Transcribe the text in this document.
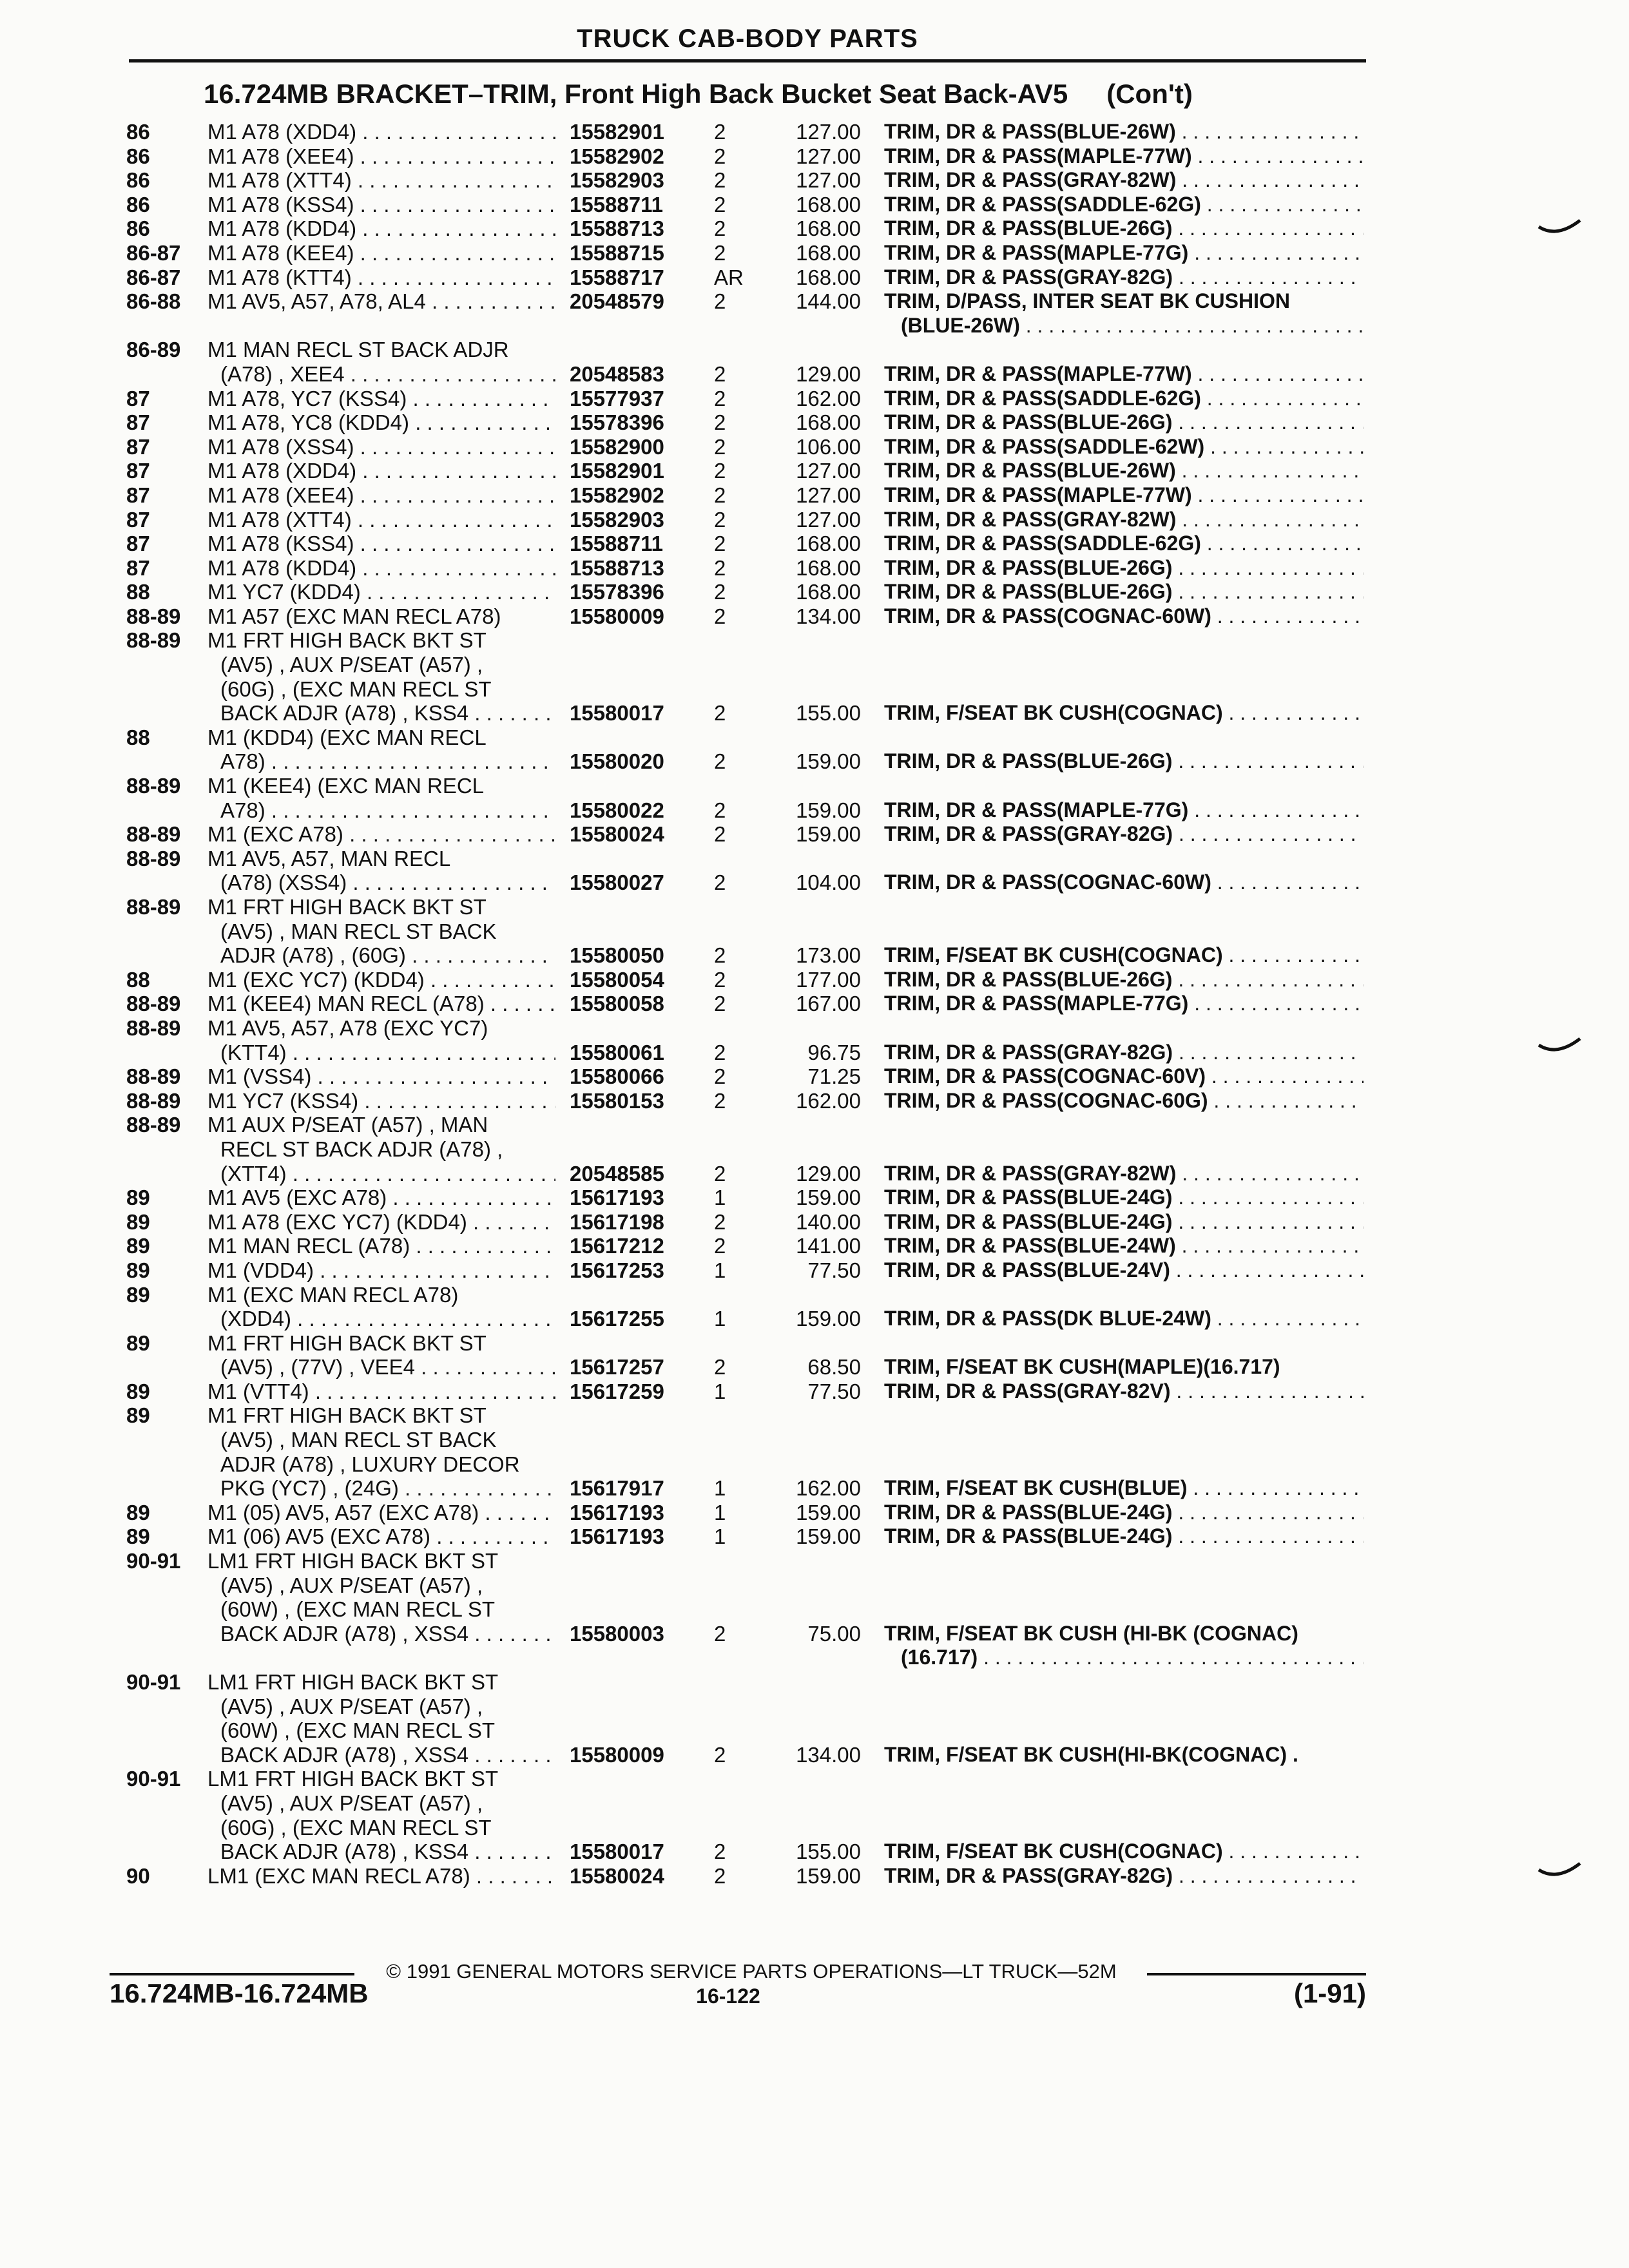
TRUCK CAB-BODY PARTS
16.724MB BRACKET–TRIM, Front High Back Bucket Seat Back-AV5 (Con't)
86	M1 A78 (XDD4) . . .	15582901 2	127.00 TRIM, DR & PASS(BLUE-26W) . . .
86	M1 A78 (XEE4) . . .	15582902 2	127.00 TRIM, DR & PASS(MAPLE-77W) . . .
86	M1 A78 (XTT4) . . .	15582903 2	127.00 TRIM, DR & PASS(GRAY-82W) . . .
86	M1 A78 (KSS4) . . .	15588711 2	168.00 TRIM, DR & PASS(SADDLE-62G) . . .
86	M1 A78 (KDD4) . . .	15588713 2	168.00 TRIM, DR & PASS(BLUE-26G) . . .
86-87 M1 A78 (KEE4) . . .	15588715 2	168.00 TRIM, DR & PASS(MAPLE-77G) . . .
86-87 M1 A78 (KTT4) . . .	15588717 AR	168.00 TRIM, DR & PASS(GRAY-82G) . . .
86-88 M1 AV5, A57, A78, AL4 . . .	20548579 2	144.00 TRIM, D/PASS, INTER SEAT BK CUSHION
(BLUE-26W) . . .
86-89 M1 MAN RECL ST BACK ADJR
(A78) , XEE4 . . .	20548583 2	129.00 TRIM, DR & PASS(MAPLE-77W) . . .
87	M1 A78, YC7 (KSS4) . . .	15577937 2	162.00 TRIM, DR & PASS(SADDLE-62G) . . .
87	M1 A78, YC8 (KDD4) . . .	15578396 2	168.00 TRIM, DR & PASS(BLUE-26G) . . .
87	M1 A78 (XSS4) . . .	15582900 2	106.00 TRIM, DR & PASS(SADDLE-62W) . . .
87	M1 A78 (XDD4) . . .	15582901 2	127.00 TRIM, DR & PASS(BLUE-26W) . . .
87	M1 A78 (XEE4) . . .	15582902 2	127.00 TRIM, DR & PASS(MAPLE-77W) . . .
87	M1 A78 (XTT4) . . .	15582903 2	127.00 TRIM, DR & PASS(GRAY-82W) . . .
87	M1 A78 (KSS4) . . .	15588711 2	168.00 TRIM, DR & PASS(SADDLE-62G) . . .
87	M1 A78 (KDD4) . . .	15588713 2	168.00 TRIM, DR & PASS(BLUE-26G) . . .
88	M1 YC7 (KDD4) . . .	15578396 2	168.00 TRIM, DR & PASS(BLUE-26G) . . .
88-89 M1 A57 (EXC MAN RECL A78)	15580009 2	134.00 TRIM, DR & PASS(COGNAC-60W) . . .
88-89 M1 FRT HIGH BACK BKT ST
(AV5) , AUX P/SEAT (A57) ,
(60G) , (EXC MAN RECL ST
BACK ADJR (A78) , KSS4 . . .	15580017 2	155.00 TRIM, F/SEAT BK CUSH(COGNAC) . . .
88	M1 (KDD4) (EXC MAN RECL
A78) . . .	15580020 2	159.00 TRIM, DR & PASS(BLUE-26G) . . .
88-89 M1 (KEE4) (EXC MAN RECL
A78) . . .	15580022 2	159.00 TRIM, DR & PASS(MAPLE-77G) . . .
88-89 M1 (EXC A78) . . .	15580024 2	159.00 TRIM, DR & PASS(GRAY-82G) . . .
88-89 M1 AV5, A57, MAN RECL
(A78) (XSS4) . . .	15580027 2	104.00 TRIM, DR & PASS(COGNAC-60W) . . .
88-89 M1 FRT HIGH BACK BKT ST
(AV5) , MAN RECL ST BACK
ADJR (A78) , (60G) . . .	15580050 2	173.00 TRIM, F/SEAT BK CUSH(COGNAC) . . .
88	M1 (EXC YC7) (KDD4) . . .	15580054 2	177.00 TRIM, DR & PASS(BLUE-26G) . . .
88-89 M1 (KEE4) MAN RECL (A78) . . .	15580058 2	167.00 TRIM, DR & PASS(MAPLE-77G) . . .
88-89 M1 AV5, A57, A78 (EXC YC7)
(KTT4) . . .	15580061 2	96.75 TRIM, DR & PASS(GRAY-82G) . . .
88-89 M1 (VSS4) . . .	15580066 2	71.25 TRIM, DR & PASS(COGNAC-60V) . . .
88-89 M1 YC7 (KSS4) . . .	15580153 2	162.00 TRIM, DR & PASS(COGNAC-60G) . . .
88-89 M1 AUX P/SEAT (A57) , MAN
RECL ST BACK ADJR (A78) ,
(XTT4) . . .	20548585 2	129.00 TRIM, DR & PASS(GRAY-82W) . . .
89	M1 AV5 (EXC A78) . . .	15617193 1	159.00 TRIM, DR & PASS(BLUE-24G) . . .
89	M1 A78 (EXC YC7) (KDD4) . . .	15617198 2	140.00 TRIM, DR & PASS(BLUE-24G) . . .
89	M1 MAN RECL (A78) . . .	15617212 2	141.00 TRIM, DR & PASS(BLUE-24W) . . .
89	M1 (VDD4) . . .	15617253 1	77.50 TRIM, DR & PASS(BLUE-24V) . . .
89	M1 (EXC MAN RECL A78)
(XDD4) . . .	15617255 1	159.00 TRIM, DR & PASS(DK BLUE-24W) . . .
89	M1 FRT HIGH BACK BKT ST
(AV5) , (77V) , VEE4 . . .	15617257 2	68.50 TRIM, F/SEAT BK CUSH(MAPLE)(16.717)
89	M1 (VTT4) . . .	15617259 1	77.50 TRIM, DR & PASS(GRAY-82V) . . .
89	M1 FRT HIGH BACK BKT ST
(AV5) , MAN RECL ST BACK
ADJR (A78) , LUXURY DECOR
PKG (YC7) , (24G) . . .	15617917 1	162.00 TRIM, F/SEAT BK CUSH(BLUE) . . .
89	M1 (05) AV5, A57 (EXC A78) . . .	15617193 1	159.00 TRIM, DR & PASS(BLUE-24G) . . .
89	M1 (06) AV5 (EXC A78) . . .	15617193 1	159.00 TRIM, DR & PASS(BLUE-24G) . . .
90-91 LM1 FRT HIGH BACK BKT ST
(AV5) , AUX P/SEAT (A57) ,
(60W) , (EXC MAN RECL ST
BACK ADJR (A78) , XSS4 . . .	15580003 2	75.00 TRIM, F/SEAT BK CUSH (HI-BK (COGNAC)
(16.717) . . .
90-91 LM1 FRT HIGH BACK BKT ST
(AV5) , AUX P/SEAT (A57) ,
(60W) , (EXC MAN RECL ST
BACK ADJR (A78) , XSS4 . . .	15580009 2	134.00 TRIM, F/SEAT BK CUSH(HI-BK(COGNAC) .
90-91 LM1 FRT HIGH BACK BKT ST
(AV5) , AUX P/SEAT (A57) ,
(60G) , (EXC MAN RECL ST
BACK ADJR (A78) , KSS4 . . .	15580017 2	155.00 TRIM, F/SEAT BK CUSH(COGNAC) . . .
90	LM1 (EXC MAN RECL A78) . . .	15580024 2	159.00 TRIM, DR & PASS(GRAY-82G) . . .
© 1991 GENERAL MOTORS SERVICE PARTS OPERATIONS—LT TRUCK—52M
16.724MB-16.724MB	16-122	(1-91)
